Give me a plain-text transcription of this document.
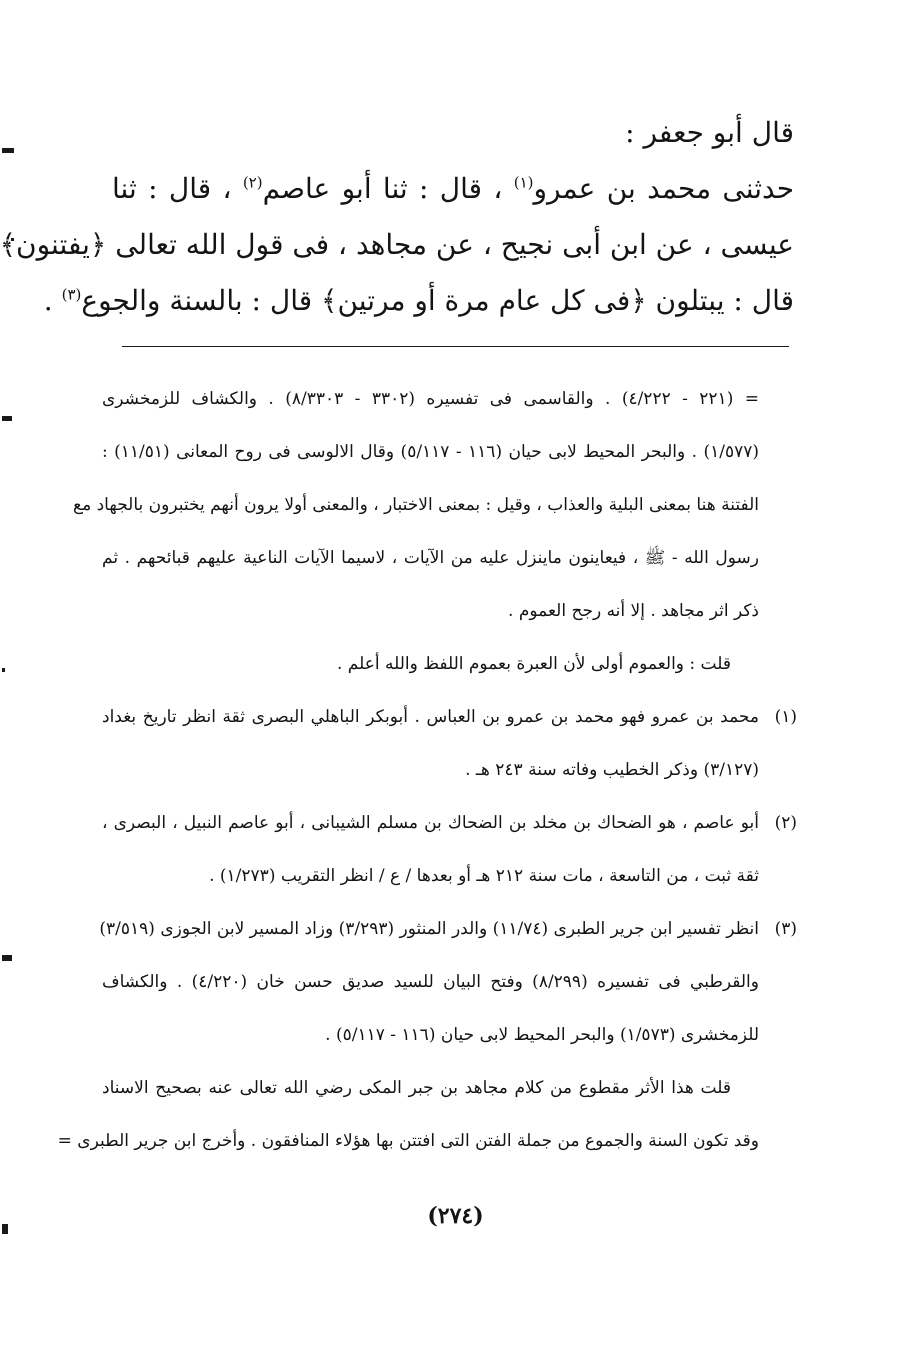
قال أبو جعفر :
حدثنى محمد بن عمرو$^{(١)}$ ، قال : ثنا أبو عاصم$^{(٢)}$ ، قال : ثنا
عيسى ، عن ابن أبى نجيح ، عن مجاهد ، فى قول الله تعالى ﴿يفتنون﴾
قال : يبتلون ﴿فى كل عام مرة أو مرتين﴾ قال : بالسنة والجوع$^{(٣)}$ .
= (٢٢١ - ٤/٢٢٢) . والقاسمى فى تفسيره (٣٣٠٢ - ٨/٣٣٠٣) . والكشاف للزمخشرى
(١/٥٧٧) . والبحر المحيط لابى حيان (١١٦ - ٥/١١٧) وقال الالوسى فى روح المعانى (١١/٥١) :
الفتنة هنا بمعنى البلية والعذاب ، وقيل : بمعنى الاختبار ، والمعنى أولا يرون أنهم يختبرون بالجهاد مع
رسول الله - ﷺ ، فيعاينون ماينزل عليه من الآيات ، لاسيما الآيات الناعية عليهم قبائحهم . ثم
ذكر اثر مجاهد . إلا أنه رجح العموم .
قلت : والعموم أولى لأن العبرة بعموم اللفظ والله أعلم .
(١)
محمد بن عمرو فهو محمد بن عمرو بن العباس . أبوبكر الباهلي البصرى ثقة انظر تاريخ بغداد
(٣/١٢٧) وذكر الخطيب وفاته سنة ٢٤٣ هـ .
(٢)
أبو عاصم ، هو الضحاك بن مخلد بن الضحاك بن مسلم الشيبانى ، أبو عاصم النبيل ، البصرى ،
ثقة ثبت ، من التاسعة ، مات سنة ٢١٢ هـ أو بعدها / ع / انظر التقريب (١/٢٧٣) .
(٣)
انظر تفسير ابن جرير الطبرى (١١/٧٤) والدر المنثور (٣/٢٩٣) وزاد المسير لابن الجوزى (٣/٥١٩)
والقرطبي فى تفسيره (٨/٢٩٩) وفتح البيان للسيد صديق حسن خان (٤/٢٢٠) . والكشاف
للزمخشرى (١/٥٧٣) والبحر المحيط لابى حيان (١١٦ - ٥/١١٧) .
قلت هذا الأثر مقطوع من كلام مجاهد بن جبر المكى رضي الله تعالى عنه بصحيح الاسناد
وقد تكون السنة والجموع من جملة الفتن التى افتتن بها هؤلاء المنافقون . وأخرج ابن جرير الطبرى =
(٢٧٤)
